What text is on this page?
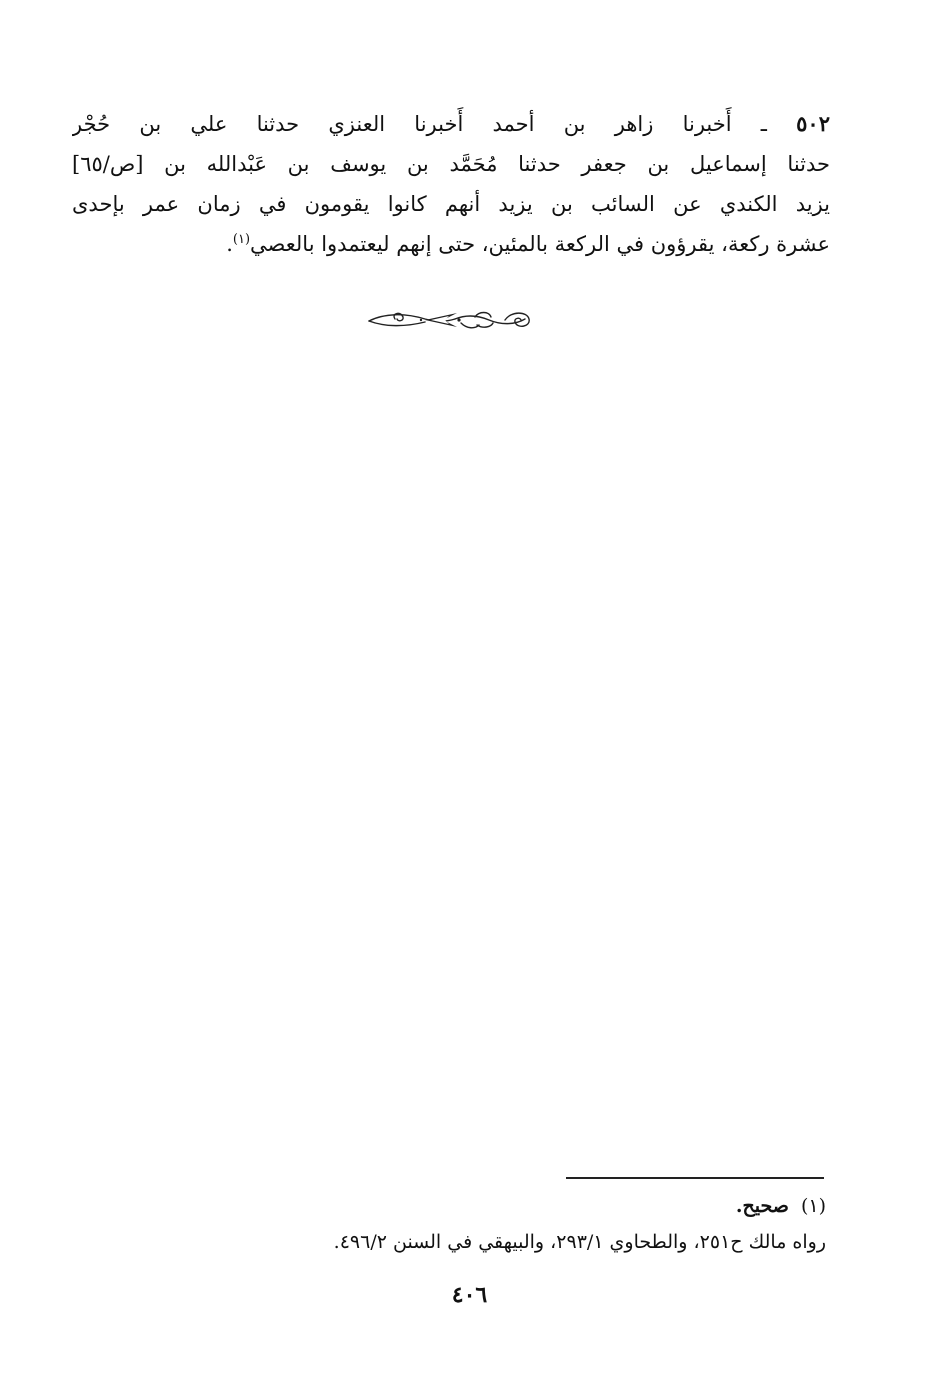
٥٠٢ ـ أَخبرنا زاهر بن أحمد أَخبرنا العنزي حدثنا علي بن حُجْر
حدثنا إسماعيل بن جعفر حدثنا مُحَمَّد بن يوسف بن عَبْدالله بن [ص/٦٥]
يزيد الكندي عن السائب بن يزيد أنهم كانوا يقومون في زمان عمر بإحدى
عشرة ركعة، يقرؤون في الركعة بالمئين، حتى إنهم ليعتمدوا بالعصي$^{(١)}$.
(١)  صحيح.
رواه مالك ح٢٥١، والطحاوي ٢٩٣/١، والبيهقي في السنن ٤٩٦/٢.
٤٠٦
